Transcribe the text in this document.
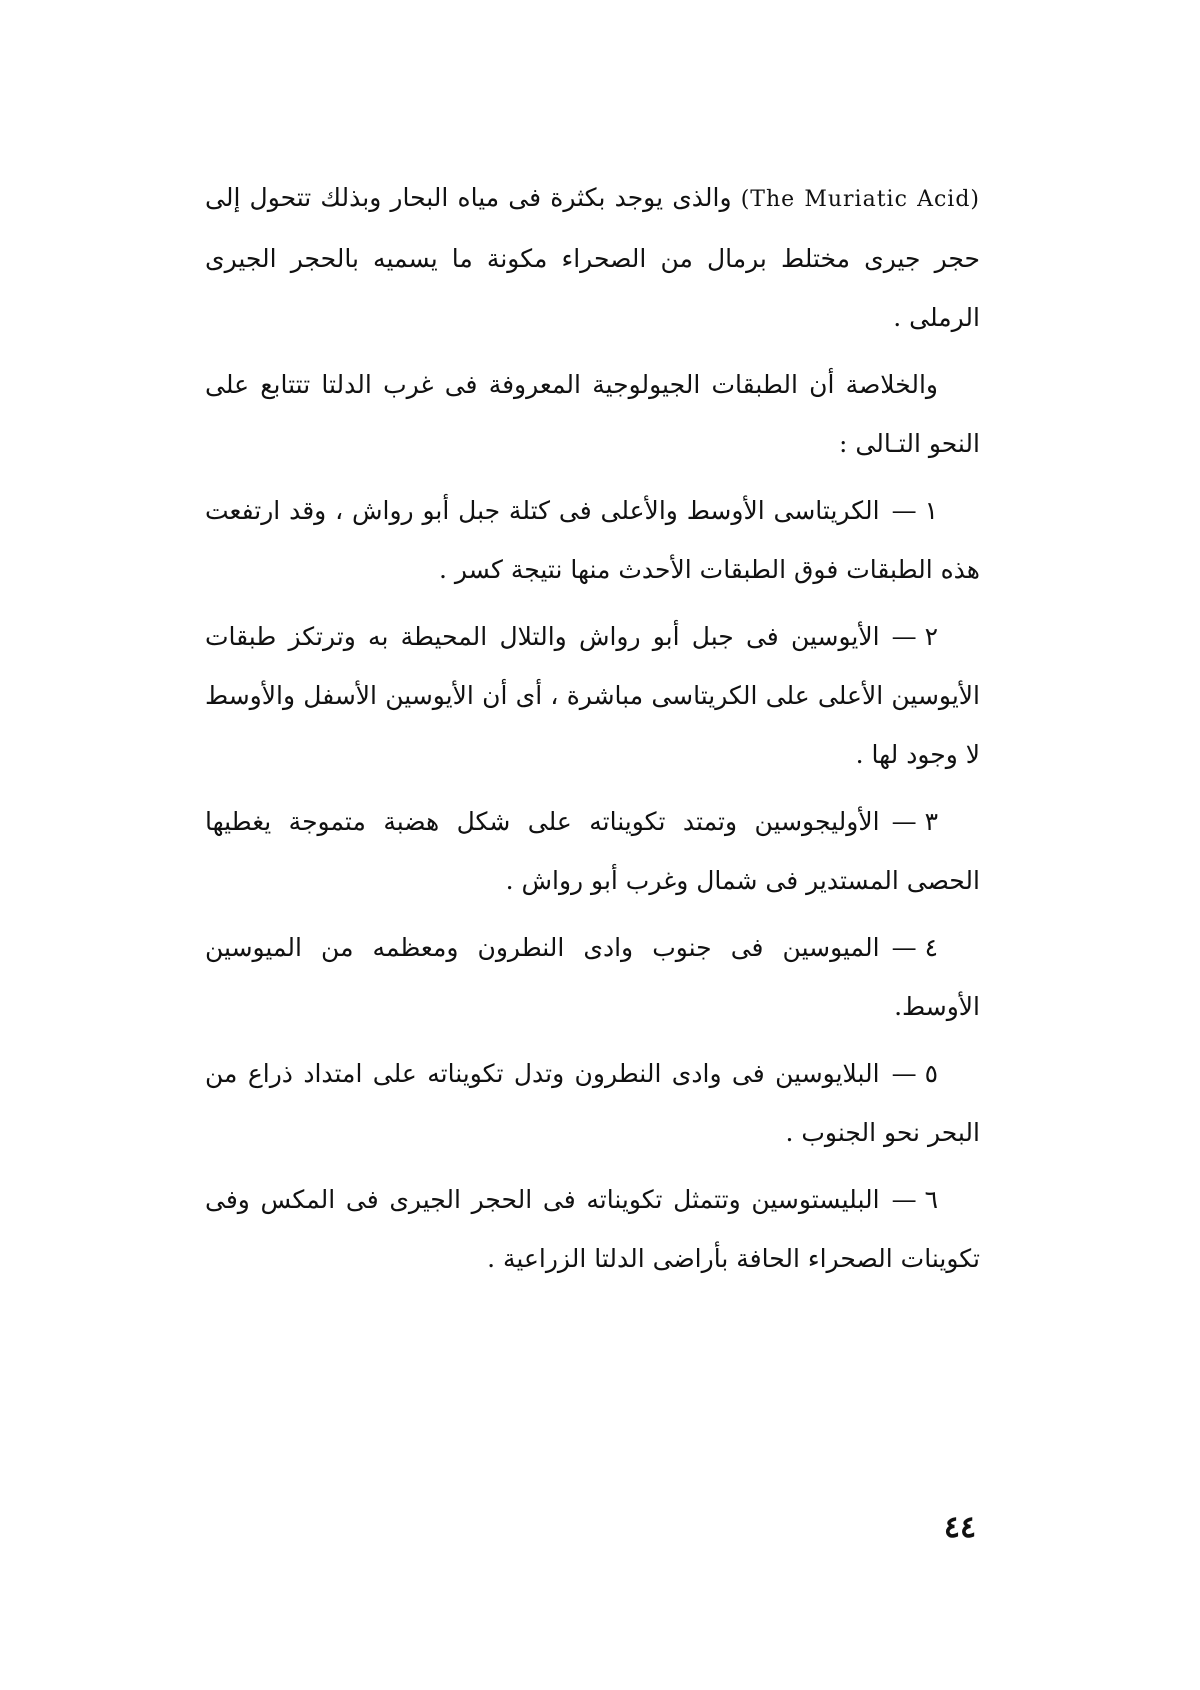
(The Muriatic Acid) والذى يوجد بكثرة فى مياه البحار وبذلك تتحول إلى حجر جيرى مختلط برمال من الصحراء مكونة ما يسميه بالحجر الجيرى الرملى .

والخلاصة أن الطبقات الجيولوجية المعروفة فى غرب الدلتا تتتابع على النحو التـالى :

١—الكريتاسى الأوسط والأعلى فى كتلة جبل أبو رواش ، وقد ارتفعت هذه الطبقات فوق الطبقات الأحدث منها نتيجة كسر .

٢—الأيوسين فى جبل أبو رواش والتلال المحيطة به وترتكز طبقات الأيوسين الأعلى على الكريتاسى مباشرة ، أى أن الأيوسين الأسفل والأوسط لا وجود لها .

٣—الأوليجوسين وتمتد تكويناته على شكل هضبة متموجة يغطيها الحصى المستدير فى شمال وغرب أبو رواش .

٤—الميوسين فى جنوب وادى النطرون ومعظمه من الميوسين الأوسط.

٥—البلايوسين فى وادى النطرون وتدل تكويناته على امتداد ذراع من البحر نحو الجنوب .

٦—البليستوسين وتتمثل تكويناته فى الحجر الجيرى فى المكس وفى تكوينات الصحراء الحافة بأراضى الدلتا الزراعية .

٤٤
